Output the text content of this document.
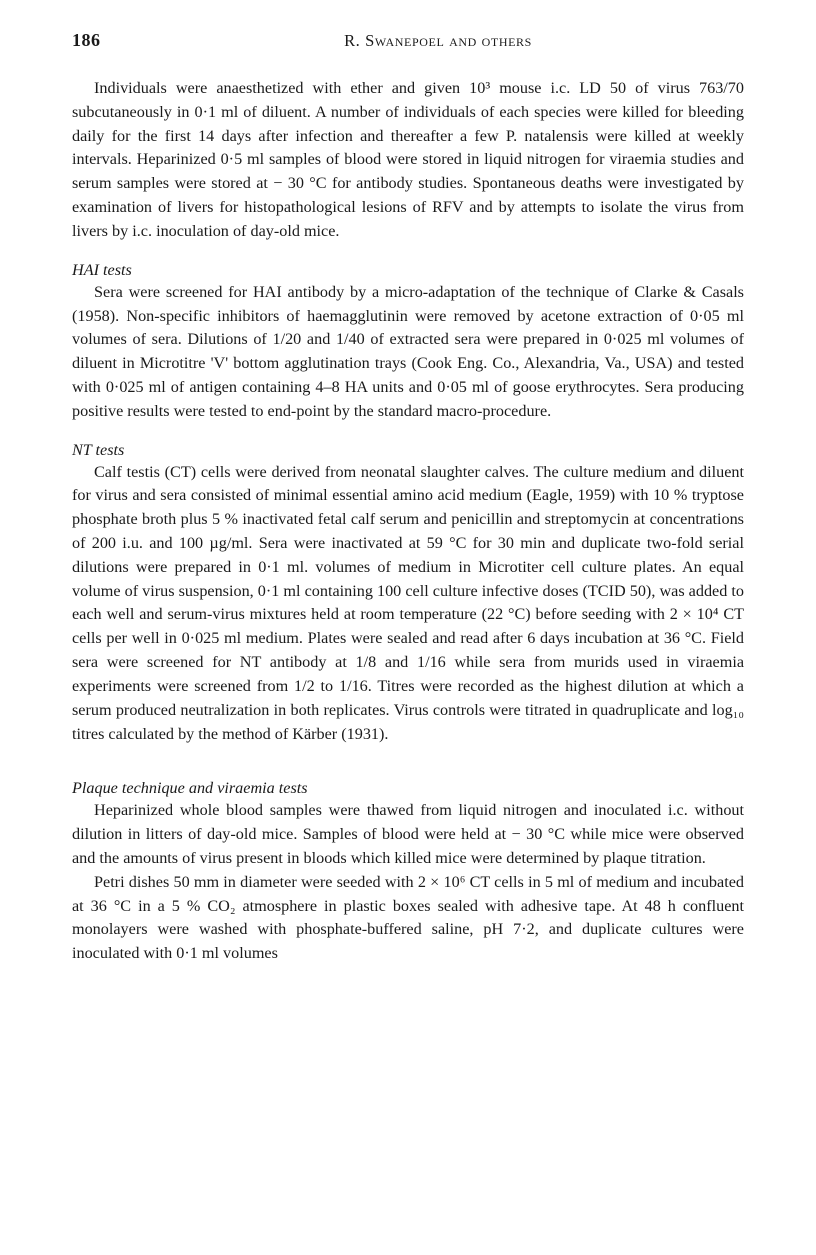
186	R. Swanepoel and others

Individuals were anaesthetized with ether and given 10³ mouse i.c. LD 50 of virus 763/70 subcutaneously in 0·1 ml of diluent. A number of individuals of each species were killed for bleeding daily for the first 14 days after infection and thereafter a few P. natalensis were killed at weekly intervals. Heparinized 0·5 ml samples of blood were stored in liquid nitrogen for viraemia studies and serum samples were stored at − 30 °C for antibody studies. Spontaneous deaths were investigated by examination of livers for histopathological lesions of RFV and by attempts to isolate the virus from livers by i.c. inoculation of day-old mice.

HAI tests

Sera were screened for HAI antibody by a micro-adaptation of the technique of Clarke & Casals (1958). Non-specific inhibitors of haemagglutinin were removed by acetone extraction of 0·05 ml volumes of sera. Dilutions of 1/20 and 1/40 of extracted sera were prepared in 0·025 ml volumes of diluent in Microtitre 'V' bottom agglutination trays (Cook Eng. Co., Alexandria, Va., USA) and tested with 0·025 ml of antigen containing 4–8 HA units and 0·05 ml of goose erythrocytes. Sera producing positive results were tested to end-point by the standard macro-procedure.

NT tests

Calf testis (CT) cells were derived from neonatal slaughter calves. The culture medium and diluent for virus and sera consisted of minimal essential amino acid medium (Eagle, 1959) with 10 % tryptose phosphate broth plus 5 % inactivated fetal calf serum and penicillin and streptomycin at concentrations of 200 i.u. and 100 µg/ml. Sera were inactivated at 59 °C for 30 min and duplicate two-fold serial dilutions were prepared in 0·1 ml. volumes of medium in Microtiter cell culture plates. An equal volume of virus suspension, 0·1 ml containing 100 cell culture infective doses (TCID 50), was added to each well and serum-virus mixtures held at room temperature (22 °C) before seeding with 2 × 10⁴ CT cells per well in 0·025 ml medium. Plates were sealed and read after 6 days incubation at 36 °C. Field sera were screened for NT antibody at 1/8 and 1/16 while sera from murids used in viraemia experiments were screened from 1/2 to 1/16. Titres were recorded as the highest dilution at which a serum produced neutralization in both replicates. Virus controls were titrated in quadruplicate and log₁₀ titres calculated by the method of Kärber (1931).

Plaque technique and viraemia tests

Heparinized whole blood samples were thawed from liquid nitrogen and inoculated i.c. without dilution in litters of day-old mice. Samples of blood were held at − 30 °C while mice were observed and the amounts of virus present in bloods which killed mice were determined by plaque titration.

Petri dishes 50 mm in diameter were seeded with 2 × 10⁶ CT cells in 5 ml of medium and incubated at 36 °C in a 5 % CO₂ atmosphere in plastic boxes sealed with adhesive tape. At 48 h confluent monolayers were washed with phosphate-buffered saline, pH 7·2, and duplicate cultures were inoculated with 0·1 ml volumes
